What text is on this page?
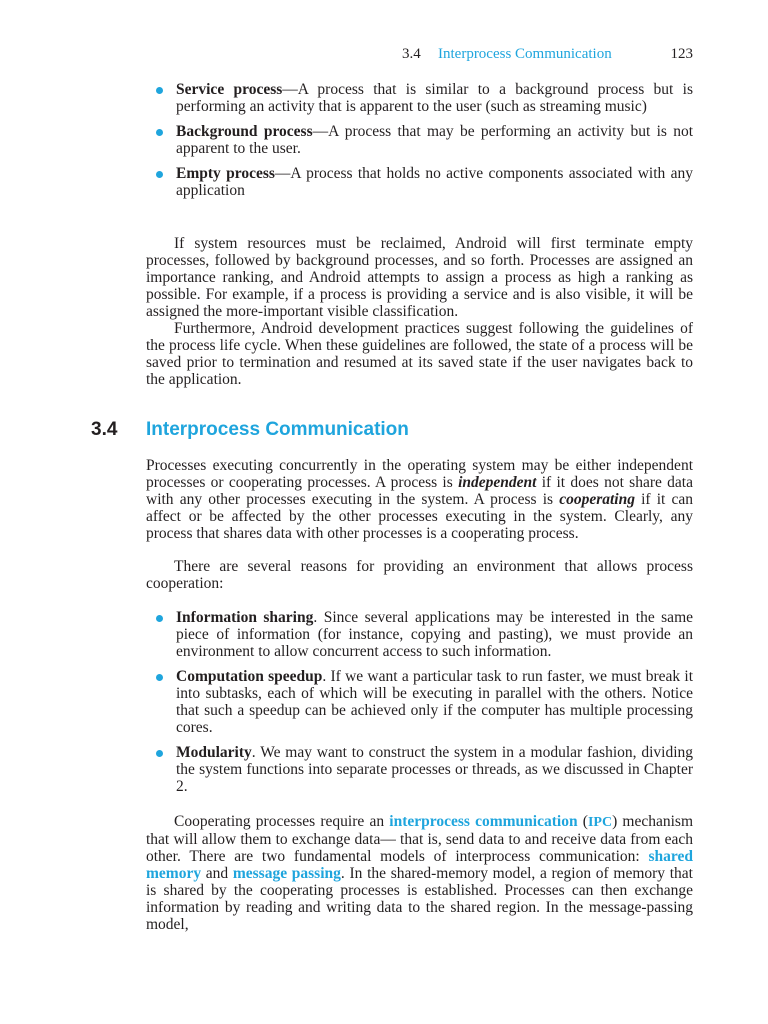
3.4 Interprocess Communication	123
Service process—A process that is similar to a background process but is performing an activity that is apparent to the user (such as streaming music)
Background process—A process that may be performing an activity but is not apparent to the user.
Empty process—A process that holds no active components associated with any application

If system resources must be reclaimed, Android will first terminate empty processes, followed by background processes, and so forth. Processes are assigned an importance ranking, and Android attempts to assign a process as high a ranking as possible. For example, if a process is providing a service and is also visible, it will be assigned the more-important visible classification.

Furthermore, Android development practices suggest following the guidelines of the process life cycle. When these guidelines are followed, the state of a process will be saved prior to termination and resumed at its saved state if the user navigates back to the application.

3.4 Interprocess Communication

Processes executing concurrently in the operating system may be either independent processes or cooperating processes. A process is independent if it does not share data with any other processes executing in the system. A process is cooperating if it can affect or be affected by the other processes executing in the system. Clearly, any process that shares data with other processes is a cooperating process.

There are several reasons for providing an environment that allows process cooperation:

Information sharing. Since several applications may be interested in the same piece of information (for instance, copying and pasting), we must provide an environment to allow concurrent access to such information.
Computation speedup. If we want a particular task to run faster, we must break it into subtasks, each of which will be executing in parallel with the others. Notice that such a speedup can be achieved only if the computer has multiple processing cores.
Modularity. We may want to construct the system in a modular fashion, dividing the system functions into separate processes or threads, as we discussed in Chapter 2.

Cooperating processes require an interprocess communication (IPC) mechanism that will allow them to exchange data— that is, send data to and receive data from each other. There are two fundamental models of interprocess communication: shared memory and message passing. In the shared-memory model, a region of memory that is shared by the cooperating processes is established. Processes can then exchange information by reading and writing data to the shared region. In the message-passing model,
